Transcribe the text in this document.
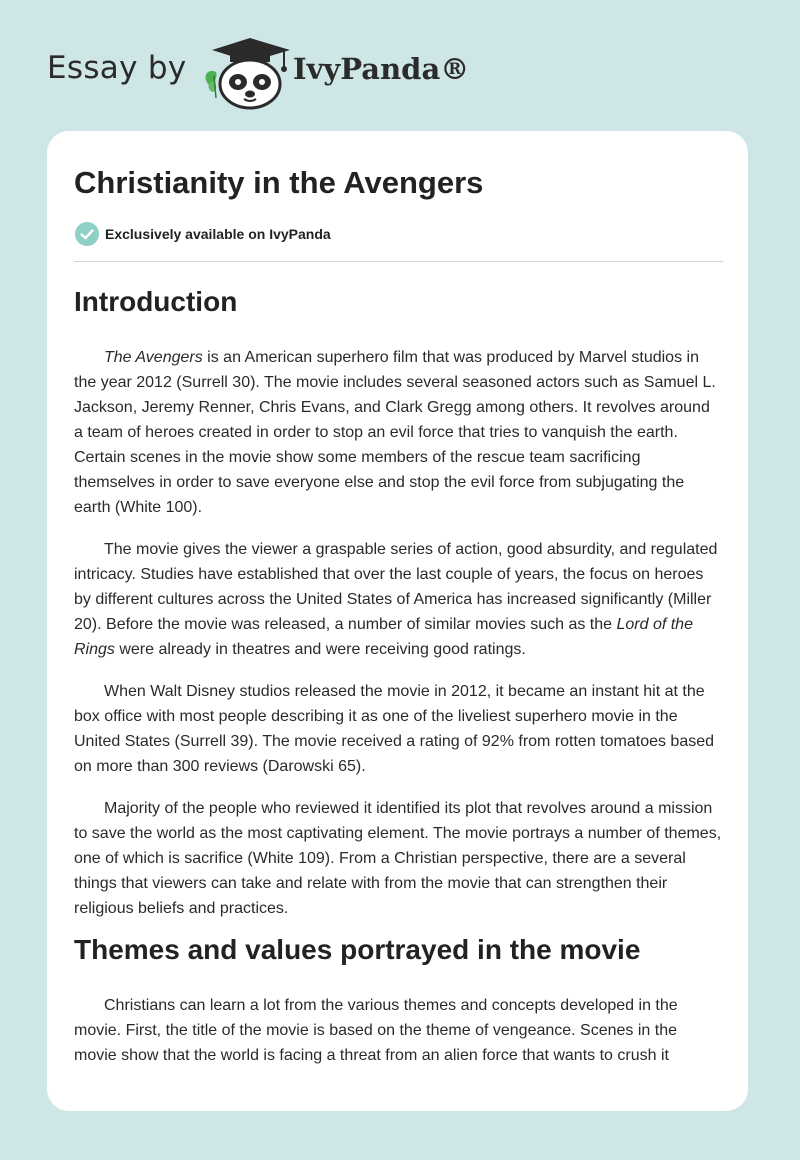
Essay by	IvyPanda®
Christianity in the Avengers
Exclusively available on IvyPanda
Introduction

The Avengers is an American superhero film that was produced by Marvel studios in the year 2012 (Surrell 30). The movie includes several seasoned actors such as Samuel L. Jackson, Jeremy Renner, Chris Evans, and Clark Gregg among others. It revolves around a team of heroes created in order to stop an evil force that tries to vanquish the earth. Certain scenes in the movie show some members of the rescue team sacrificing themselves in order to save everyone else and stop the evil force from subjugating the earth (White 100).

The movie gives the viewer a graspable series of action, good absurdity, and regulated intricacy. Studies have established that over the last couple of years, the focus on heroes by different cultures across the United States of America has increased significantly (Miller 20). Before the movie was released, a number of similar movies such as the Lord of the Rings were already in theatres and were receiving good ratings.

When Walt Disney studios released the movie in 2012, it became an instant hit at the box office with most people describing it as one of the liveliest superhero movie in the United States (Surrell 39). The movie received a rating of 92% from rotten tomatoes based on more than 300 reviews (Darowski 65).

Majority of the people who reviewed it identified its plot that revolves around a mission to save the world as the most captivating element. The movie portrays a number of themes, one of which is sacrifice (White 109). From a Christian perspective, there are a several things that viewers can take and relate with from the movie that can strengthen their religious beliefs and practices.

Themes and values portrayed in the movie

Christians can learn a lot from the various themes and concepts developed in the movie. First, the title of the movie is based on the theme of vengeance. Scenes in the movie show that the world is facing a threat from an alien force that wants to crush it
